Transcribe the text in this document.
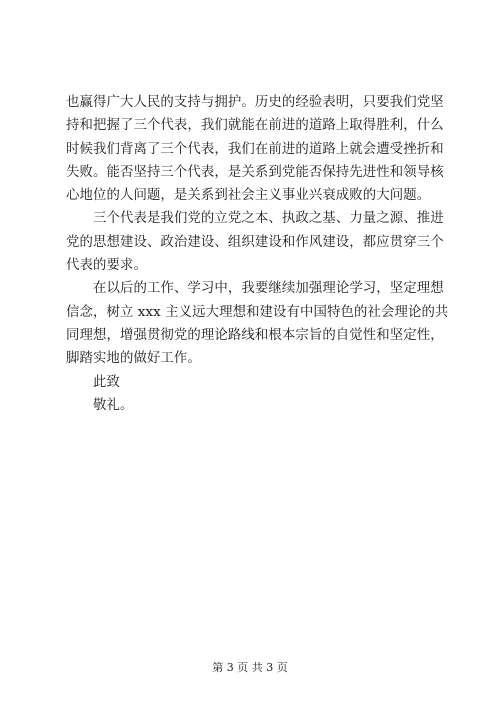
也赢得广大人民的支持与拥护。历史的经验表明，只要我们党坚
持和把握了三个代表，我们就能在前进的道路上取得胜利，什么
时候我们背离了三个代表，我们在前进的道路上就会遭受挫折和
失败。能否坚持三个代表，是关系到党能否保持先进性和领导核
心地位的人问题，是关系到社会主义事业兴衰成败的大问题。
三个代表是我们党的立党之本、执政之基、力量之源、推进
党的思想建设、政治建设、组织建设和作风建设，都应贯穿三个
代表的要求。
在以后的工作、学习中，我要继续加强理论学习，坚定理想
信念，树立 xxx 主义远大理想和建设有中国特色的社会理论的共
同理想，增强贯彻党的理论路线和根本宗旨的自觉性和坚定性，
脚踏实地的做好工作。
此致
敬礼。
第 3 页 共 3 页
